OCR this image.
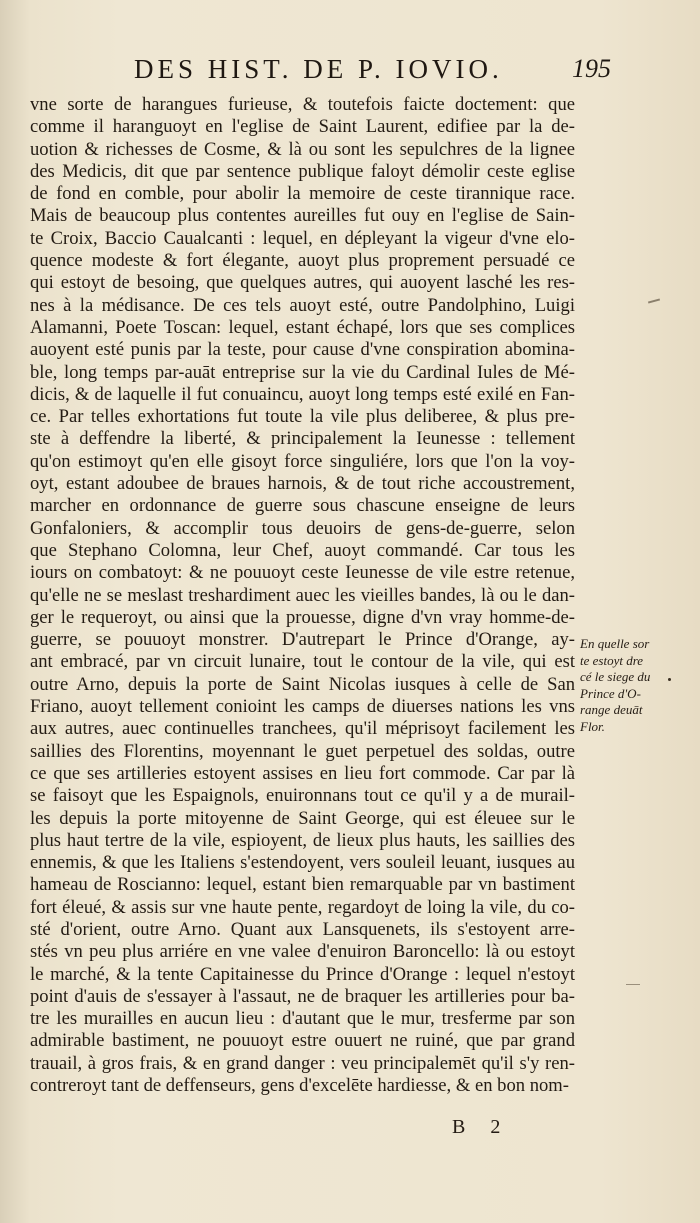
DES HIST. DE P. IOVIO.	195
vne sorte de harangues furieuse, & toutefois faicte doctement: que
comme il haranguoyt en l'eglise de Saint Laurent, edifiee par la de-
uotion & richesses de Cosme, & là ou sont les sepulchres de la lignee
des Medicis, dit que par sentence publique faloyt démolir ceste eglise
de fond en comble, pour abolir la memoire de ceste tirannique race.
Mais de beaucoup plus contentes aureilles fut ouy en l'eglise de Sain-
te Croix, Baccio Caualcanti : lequel, en dépleyant la vigeur d'vne elo-
quence modeste & fort élegante, auoyt plus proprement persuadé ce
qui estoyt de besoing, que quelques autres, qui auoyent lasché les res-
nes à la médisance. De ces tels auoyt esté, outre Pandolphino, Luigi
Alamanni, Poete Toscan: lequel, estant échapé, lors que ses complices
auoyent esté punis par la teste, pour cause d'vne conspiration abomina-
ble, long temps par-auāt entreprise sur la vie du Cardinal Iules de Mé-
dicis, & de laquelle il fut conuaincu, auoyt long temps esté exilé en Fan-
ce. Par telles exhortations fut toute la vile plus deliberee, & plus pre-
ste à deffendre la liberté, & principalement la Ieunesse : tellement
qu'on estimoyt qu'en elle gisoyt force singuliére, lors que l'on la voy-
oyt, estant adoubee de braues harnois, & de tout riche accoustrement,
marcher en ordonnance de guerre sous chascune enseigne de leurs
Gonfaloniers, & accomplir tous deuoirs de gens-de-guerre, selon
que Stephano Colomna, leur Chef, auoyt commandé. Car tous les
iours on combatoyt: & ne pouuoyt ceste Ieunesse de vile estre retenue,
qu'elle ne se meslast treshardiment auec les vieilles bandes, là ou le dan-
ger le requeroyt, ou ainsi que la prouesse, digne d'vn vray homme-de-
guerre, se pouuoyt monstrer. D'autrepart le Prince d'Orange, ay-
ant embracé, par vn circuit lunaire, tout le contour de la vile, qui est
outre Arno, depuis la porte de Saint Nicolas iusques à celle de San
Friano, auoyt tellement conioint les camps de diuerses nations les vns
aux autres, auec continuelles tranchees, qu'il méprisoyt facilement les
saillies des Florentins, moyennant le guet perpetuel des soldas, outre
ce que ses artilleries estoyent assises en lieu fort commode. Car par là
se faisoyt que les Espaignols, enuironnans tout ce qu'il y a de murail-
les depuis la porte mitoyenne de Saint George, qui est éleuee sur le
plus haut tertre de la vile, espioyent, de lieux plus hauts, les saillies des
ennemis, & que les Italiens s'estendoyent, vers souleil leuant, iusques au
hameau de Roscianno: lequel, estant bien remarquable par vn bastiment
fort éleué, & assis sur vne haute pente, regardoyt de loing la vile, du co-
sté d'orient, outre Arno. Quant aux Lansquenets, ils s'estoyent arre-
stés vn peu plus arriére en vne valee d'enuiron Baroncello: là ou estoyt
le marché, & la tente Capitainesse du Prince d'Orange : lequel n'estoyt
point d'auis de s'essayer à l'assaut, ne de braquer les artilleries pour ba-
tre les murailles en aucun lieu : d'autant que le mur, tresferme par son
admirable bastiment, ne pouuoyt estre ouuert ne ruiné, que par grand
trauail, à gros frais, & en grand danger : veu principalemēt qu'il s'y ren-
contreroyt tant de deffenseurs, gens d'excelēte hardiesse, & en bon nom-
En quelle sor
te estoyt dre
cé le siege du
Prince d'O-
range deuāt
Flor.
B 2
